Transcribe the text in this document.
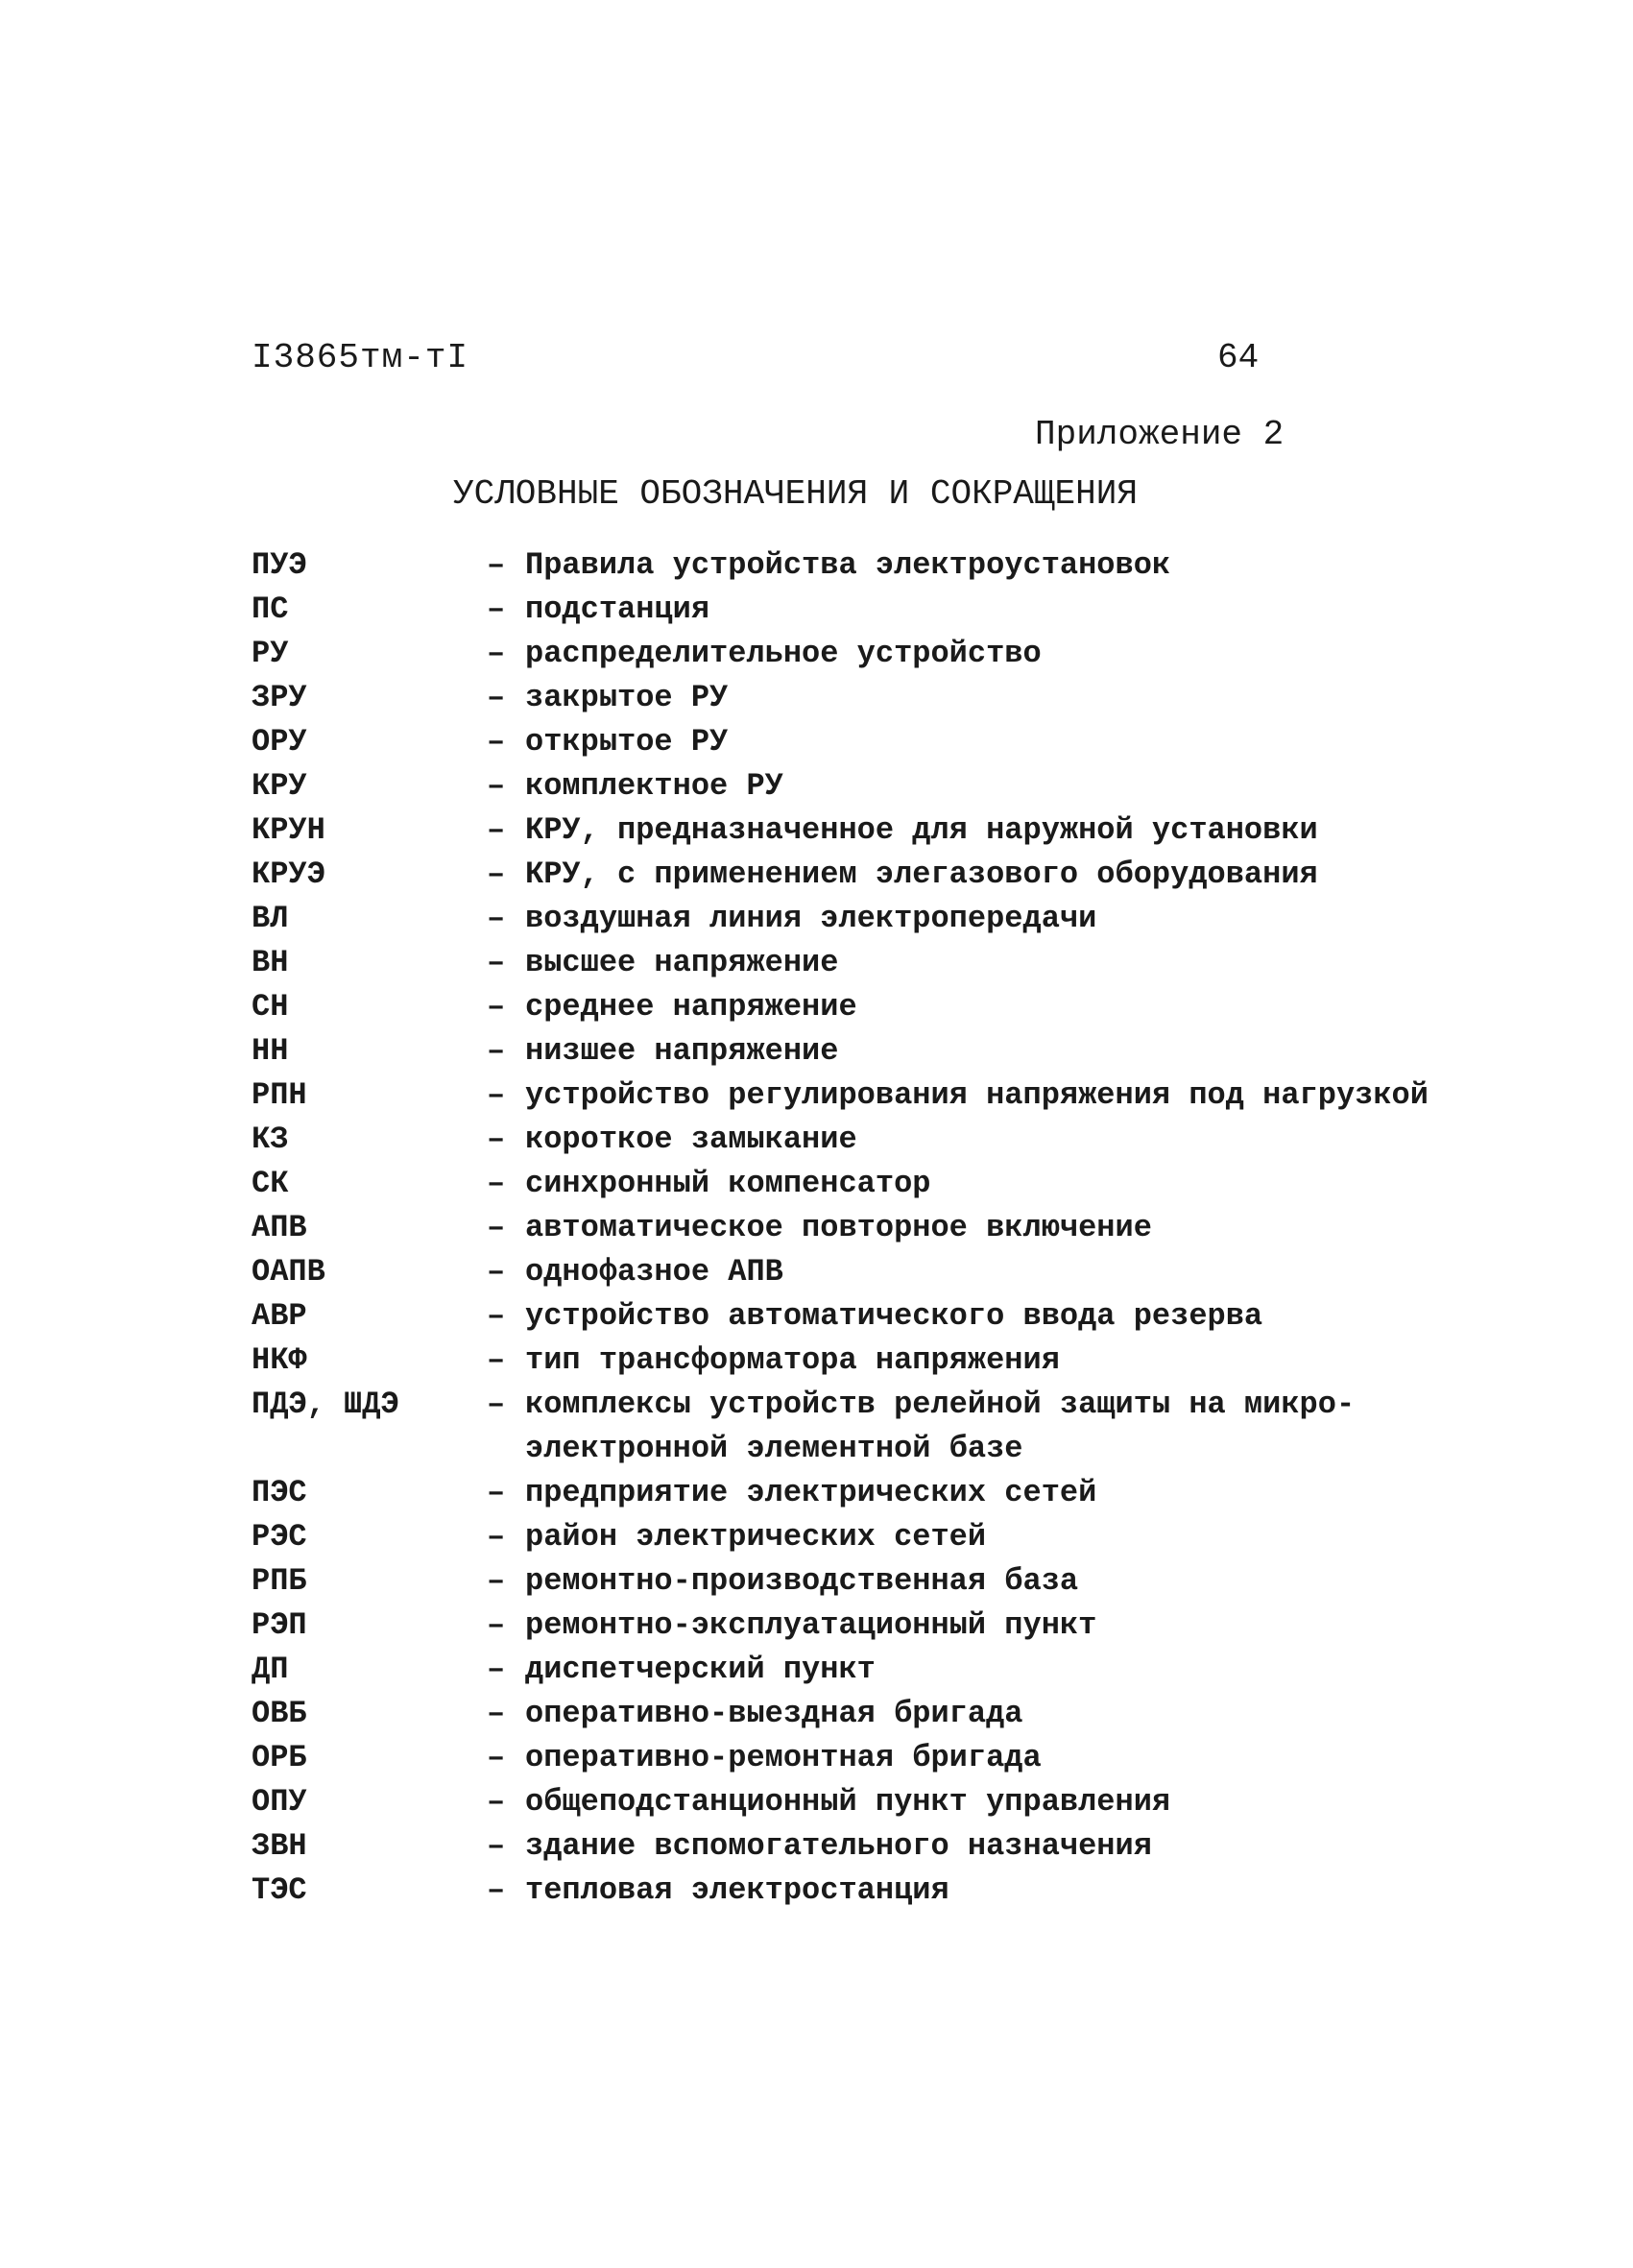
I3865тм-тI	64
Приложение 2
УСЛОВНЫЕ ОБОЗНАЧЕНИЯ И СОКРАЩЕНИЯ
ПУЭ	– Правила устройства электроустановок
ПС	– подстанция
РУ	– распределительное устройство
ЗРУ	– закрытое РУ
ОРУ	– открытое РУ
КРУ	– комплектное РУ
КРУН	– КРУ, предназначенное для наружной установки
КРУЭ	– КРУ, с применением элегазового оборудования
ВЛ	– воздушная линия электропередачи
ВН	– высшее напряжение
СН	– среднее напряжение
НН	– низшее напряжение
РПН	– устройство регулирования напряжения под нагрузкой
КЗ	– короткое замыкание
СК	– синхронный компенсатор
АПВ	– автоматическое повторное включение
ОАПВ	– однофазное АПВ
АВР	– устройство автоматического ввода резерва
НКФ	– тип трансформатора напряжения
ПДЭ, ШДЭ	– комплексы устройств релейной защиты на микро-
электронной элементной базе
ПЭС	– предприятие электрических сетей
РЭС	– район электрических сетей
РПБ	– ремонтно-производственная база
РЭП	– ремонтно-эксплуатационный пункт
ДП	– диспетчерский пункт
ОВБ	– оперативно-выездная бригада
ОРБ	– оперативно-ремонтная бригада
ОПУ	– общеподстанционный пункт управления
ЗВН	– здание вспомогательного назначения
ТЭС	– тепловая электростанция
